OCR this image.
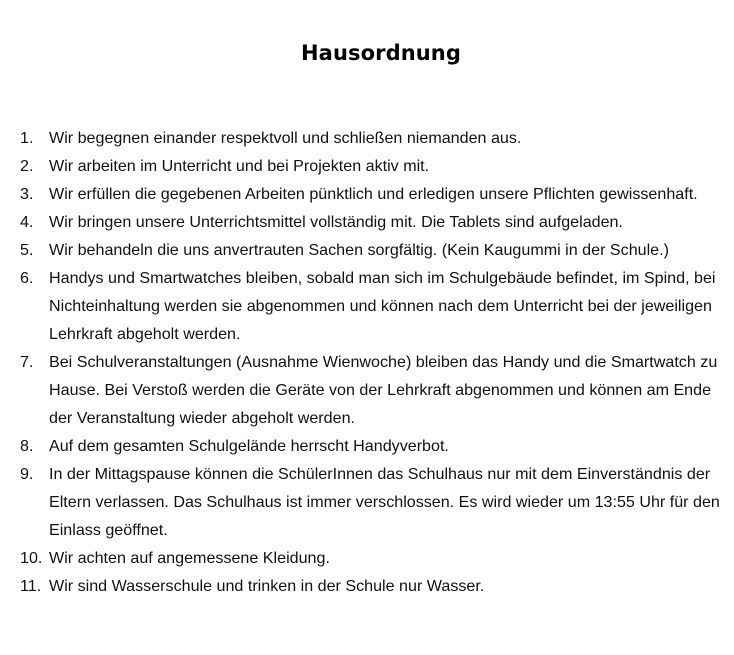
Hausordnung
1. Wir begegnen einander respektvoll und schließen niemanden aus.
2. Wir arbeiten im Unterricht und bei Projekten aktiv mit.
3. Wir erfüllen die gegebenen Arbeiten pünktlich und erledigen unsere Pflichten gewissenhaft.
4. Wir bringen unsere Unterrichtsmittel vollständig mit. Die Tablets sind aufgeladen.
5. Wir behandeln die uns anvertrauten Sachen sorgfältig. (Kein Kaugummi in der Schule.)
6. Handys und Smartwatches bleiben, sobald man sich im Schulgebäude befindet, im Spind, bei Nichteinhaltung werden sie abgenommen und können nach dem Unterricht bei der jeweiligen Lehrkraft abgeholt werden.
7. Bei Schulveranstaltungen (Ausnahme Wienwoche) bleiben das Handy und die Smartwatch zu Hause. Bei Verstoß werden die Geräte von der Lehrkraft abgenommen und können am Ende der Veranstaltung wieder abgeholt werden.
8. Auf dem gesamten Schulgelände herrscht Handyverbot.
9. In der Mittagspause können die SchülerInnen das Schulhaus nur mit dem Einverständnis der Eltern verlassen. Das Schulhaus ist immer verschlossen. Es wird wieder um 13:55 Uhr für den Einlass geöffnet.
10. Wir achten auf angemessene Kleidung.
11. Wir sind Wasserschule und trinken in der Schule nur Wasser.
